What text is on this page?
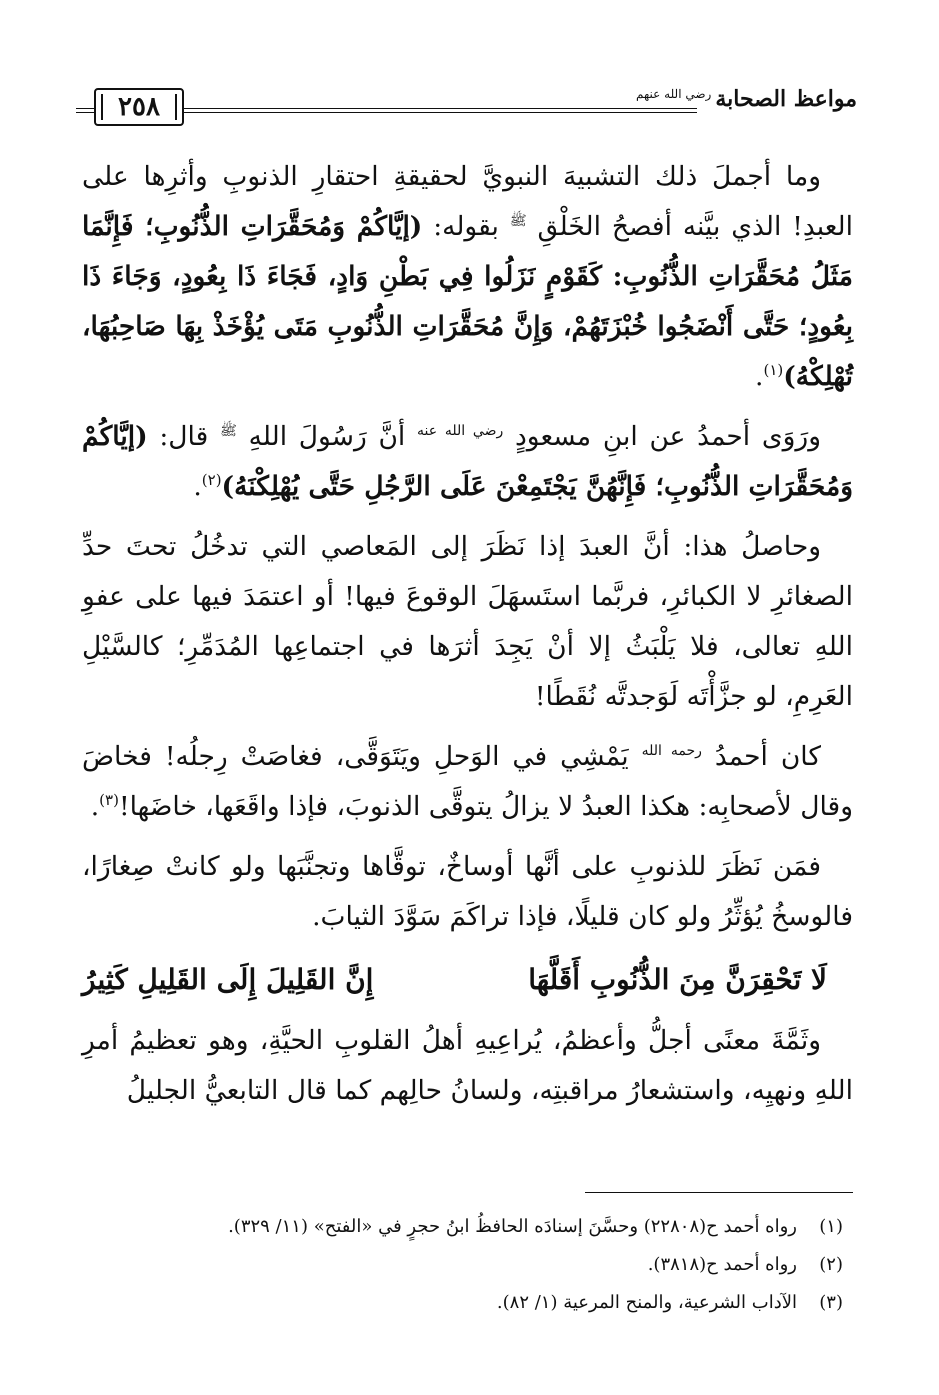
مواعظ الصحابة$^{رضي الله عنهم}$
٢٥٨

وما أجملَ ذلك التشبيهَ النبويَّ لحقيقةِ احتقارِ الذنوبِ وأثرِها على العبدِ! الذي بيَّنه أفصحُ الخَلْقِ $^ﷺ$ بقوله: (إيَّاكُمْ وَمُحَقَّرَاتِ الذُّنُوبِ؛ فَإِنَّمَا مَثَلُ مُحَقَّرَاتِ الذُّنُوبِ: كَقَوْمٍ نَزَلُوا فِي بَطْنِ وَادٍ، فَجَاءَ ذَا بِعُودٍ، وَجَاءَ ذَا بِعُودٍ؛ حَتَّى أَنْضَجُوا خُبْزَتَهُمْ، وَإِنَّ مُحَقَّرَاتِ الذُّنُوبِ مَتَى يُؤْخَذْ بِهَا صَاحِبُهَا، تُهْلِكْهُ)$^{(١)}$.

ورَوَى أحمدُ عن ابنِ مسعودٍ $^{رضي الله عنه}$ أنَّ رَسُولَ اللهِ $^ﷺ$ قال: (إيَّاكُمْ وَمُحَقَّرَاتِ الذُّنُوبِ؛ فَإِنَّهُنَّ يَجْتَمِعْنَ عَلَى الرَّجُلِ حَتَّى يُهْلِكْنَهُ)$^{(٢)}$.

وحاصلُ هذا: أنَّ العبدَ إذا نَظَرَ إلى المَعاصي التي تدخُلُ تحتَ حدِّ الصغائرِ لا الكبائرِ، فربَّما استَسهَلَ الوقوعَ فيها! أو اعتمَدَ فيها على عفوِ اللهِ تعالى، فلا يَلْبَثُ إلا أنْ يَجِدَ أثرَها في اجتماعِها المُدَمِّرِ؛ كالسَّيْلِ العَرِمِ، لو جزَّأْتَه لَوَجدتَّه نُقَطًا!

كان أحمدُ $^{رحمه الله}$ يَمْشِي في الوَحلِ ويَتَوَقَّى، فغاصَتْ رِجلُه! فخاضَ وقال لأصحابِه: هكذا العبدُ لا يزالُ يتوقَّى الذنوبَ، فإذا واقَعَها، خاضَها!$^{(٣)}$.

فمَن نَظَرَ للذنوبِ على أنَّها أوساخٌ، توقَّاها وتجنَّبَها ولو كانتْ صِغارًا، فالوسخُ يُؤثِّرُ ولو كان قليلًا، فإذا تراكَمَ سَوَّدَ الثيابَ.

لَا تَحْقِرَنَّ مِنَ الذُّنُوبِ أَقَلَّهَا
إِنَّ القَلِيلَ إِلَى القَلِيلِ كَثِيرُ

وثَمَّةَ معنًى أجلُّ وأعظمُ، يُراعِيهِ أهلُ القلوبِ الحيَّةِ، وهو تعظيمُ أمرِ اللهِ ونهيِه، واستشعارُ مراقبتِه، ولسانُ حالِهم كما قال التابعيُّ الجليلُ

(١)
رواه أحمد ح(٢٢٨٠٨) وحسَّنَ إسنادَه الحافظُ ابنُ حجرٍ في «الفتح» (١١/ ٣٢٩).
(٢)
رواه أحمد ح(٣٨١٨).
(٣)
الآداب الشرعية، والمنح المرعية (١/ ٨٢).
